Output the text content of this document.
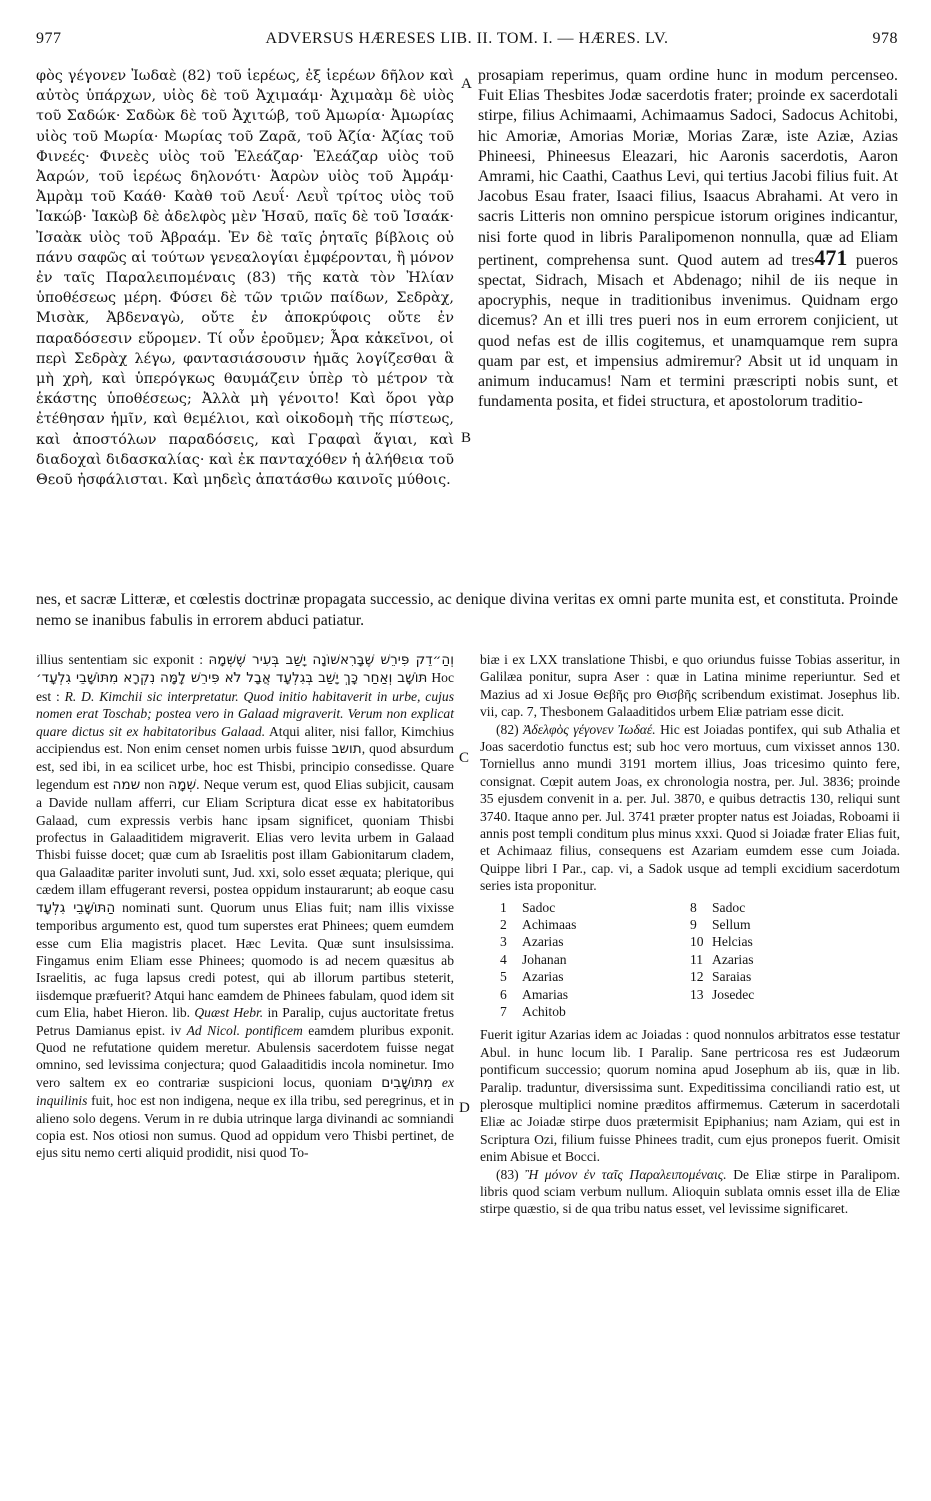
977	ADVERSUS HÆRESES LIB. II. TOM. I. — HÆRES. LV.	978

φὸς γέγονεν Ἰωδαὲ (82) τοῦ ἱερέως, ἐξ ἱερέων δῆλον καὶ αὐτὸς ὑπάρχων, υἱὸς δὲ τοῦ Ἀχιμαάμ· Ἀχιμαὰμ δὲ υἱὸς τοῦ Σαδώκ· Σαδὼκ δὲ τοῦ Ἀχιτώβ, τοῦ Ἀμωρία· Ἀμωρίας υἱὸς τοῦ Μωρία· Μωρίας τοῦ Ζαρᾶ, τοῦ Ἀζία· Ἀζίας τοῦ Φινεές· Φινεὲς υἱὸς τοῦ Ἐλεάζαρ· Ἐλεάζαρ υἱὸς τοῦ Ἀαρών, τοῦ ἱερέως δηλονότι· Ἀαρὼν υἱὸς τοῦ Ἀμράμ· Ἀμρὰμ τοῦ Καάθ· Καὰθ τοῦ Λευΐ· Λευῒ τρίτος υἱὸς τοῦ Ἰακώβ· Ἰακὼβ δὲ ἀδελφὸς μὲν Ἡσαῦ, παῖς δὲ τοῦ Ἰσαάκ· Ἰσαὰκ υἱὸς τοῦ Ἀβραάμ. Ἐν δὲ ταῖς ῥηταῖς βίβλοις οὐ πάνυ σαφῶς αἱ τούτων γενεαλογίαι ἐμφέρονται, ἢ μόνον ἐν ταῖς Παραλειπομέναις (83) τῆς κατὰ τὸν Ἠλίαν ὑποθέσεως μέρη. Φύσει δὲ τῶν τριῶν παίδων, Σεδρὰχ, Μισὰκ, Ἀβδεναγὼ, οὔτε ἐν ἀποκρύφοις οὔτε ἐν παραδόσεσιν εὕρομεν. Τί οὖν ἐροῦμεν; Ἆρα κἀκεῖνοι, οἱ περὶ Σεδρὰχ λέγω, φαντασιάσουσιν ἡμᾶς λογίζεσθαι ἃ μὴ χρὴ, καὶ ὑπερόγκως θαυμάζειν ὑπὲρ τὸ μέτρον τὰ ἑκάστης ὑποθέσεως; Ἀλλὰ μὴ γένοιτο! Καὶ ὅροι γὰρ ἐτέθησαν ἡμῖν, καὶ θεμέλιοι, καὶ οἰκοδομὴ τῆς πίστεως, καὶ ἀποστόλων παραδόσεις, καὶ Γραφαὶ ἅγιαι, καὶ διαδοχαὶ διδασκαλίας· καὶ ἐκ πανταχόθεν ἡ ἀλήθεια τοῦ Θεοῦ ἠσφάλισται. Καὶ μηδεὶς ἀπατάσθω καινοῖς μύθοις.

A
B
C
D

prosapiam reperimus, quam ordine hunc in modum percenseo. Fuit Elias Thesbites Jodæ sacerdotis frater; proinde ex sacerdotali stirpe, filius Achimaami, Achimaamus Sadoci, Sadocus Achitobi, hic Amoriæ, Amorias Moriæ, Morias Zaræ, iste Aziæ, Azias Phineesi, Phineesus Eleazari, hic Aaronis sacerdotis, Aaron Amrami, hic Caathi, Caathus Levi, qui tertius Jacobi filius fuit. At Jacobus Esau frater, Isaaci filius, Isaacus Abrahami. At vero in sacris Litteris non omnino perspicue istorum origines indicantur, nisi forte quod in libris Paralipomenon nonnulla, quæ ad Eliam pertinent, comprehensa sunt. Quod autem ad tres471 pueros spectat, Sidrach, Misach et Abdenago; nihil de iis neque in apocryphis, neque in traditionibus invenimus. Quidnam ergo dicemus? An et illi tres pueri nos in eum errorem conjicient, ut quod nefas est de illis cogitemus, et unamquamque rem supra quam par est, et impensius admiremur? Absit ut id unquam in animum inducamus! Nam et termini præscripti nobis sunt, et fundamenta posita, et fidei structura, et apostolorum traditio-

nes, et sacræ Litteræ, et cœlestis doctrinæ propagata successio, ac denique divina veritas ex omni parte munita est, et constituta. Proinde nemo se inanibus fabulis in errorem abduci patiatur.

illius sententiam sic exponit : וְהַ״דֵק פִּירֵשׁ שֶׁבָּרִאשׁוֹנָה יָשַׁב בְּעִיר שֶׁשְּׁמָהּ תּוֹשָׁב וְאַחַר כָּךְ יָשַׁב בְּגִלְעָד אֲבָל לֹא פִּירֵשׁ לָמָּה נִקְרָא מִתּוֹשָׁבֵי גִלְעָד׳ Hoc est : R. D. Kimchii sic interpretatur. Quod initio habitaverit in urbe, cujus nomen erat Toschab; postea vero in Galaad migraverit. Verum non explicat quare dictus sit ex habitatoribus Galaad. Atqui aliter, nisi fallor, Kimchius accipiendus est. Non enim censet nomen urbis fuisse תושב, quod absurdum est, sed ibi, in ea scilicet urbe, hoc est Thisbi, principio consedisse. Quare legendum est שמה non שְׁמָהּ. Neque verum est, quod Elias subjicit, causam a Davide nullam afferri, cur Eliam Scriptura dicat esse ex habitatoribus Galaad, cum expressis verbis hanc ipsam significet, quoniam Thisbi profectus in Galaaditidem migraverit. Elias vero levita urbem in Galaad Thisbi fuisse docet; quæ cum ab Israelitis post illam Gabionitarum cladem, qua Galaaditæ pariter involuti sunt, Jud. xxi, solo esset æquata; plerique, qui cædem illam effugerant reversi, postea oppidum instaurarunt; ab eoque casu הַתּוֹשָׁבֵי גִלְעָד nominati sunt. Quorum unus Elias fuit; nam illis vixisse temporibus argumento est, quod tum superstes erat Phinees; quem eumdem esse cum Elia magistris placet. Hæc Levita. Quæ sunt insulsissima. Fingamus enim Eliam esse Phinees; quomodo is ad necem quæsitus ab Israelitis, ac fuga lapsus credi potest, qui ab illorum partibus steterit, iisdemque præfuerit? Atqui hanc eamdem de Phinees fabulam, quod idem sit cum Elia, habet Hieron. lib. Quæst Hebr. in Paralip, cujus auctoritate fretus Petrus Damianus epist. iv Ad Nicol. pontificem eamdem pluribus exponit. Quod ne refutatione quidem meretur. Abulensis sacerdotem fuisse negat omnino, sed levissima conjectura; quod Galaaditidis incola nominetur. Imo vero saltem ex eo contrariæ suspicioni locus, quoniam מִתּוֹשָׁבִים ex inquilinis fuit, hoc est non indigena, neque ex illa tribu, sed peregrinus, et in alieno solo degens. Verum in re dubia utrinque larga divinandi ac somniandi copia est. Nos otiosi non sumus. Quod ad oppidum vero Thisbi pertinet, de ejus situ nemo certi aliquid prodidit, nisi quod To-

biæ i ex LXX translatione Thisbi, e quo oriundus fuisse Tobias asseritur, in Galilæa ponitur, supra Aser : quæ in Latina minime reperiuntur. Sed et Mazius ad xi Josue Θεβῆς pro Θισβῆς scribendum existimat. Josephus lib. vii, cap. 7, Thesbonem Galaaditidos urbem Eliæ patriam esse dicit.

(82) Ἀδελφὸς γέγονεν Ἰωδαέ. Hic est Joiadas pontifex, qui sub Athalia et Joas sacerdotio functus est; sub hoc vero mortuus, cum vixisset annos 130. Torniellus anno mundi 3191 mortem illius, Joas tricesimo quinto fere, consignat. Cœpit autem Joas, ex chronologia nostra, per. Jul. 3836; proinde 35 ejusdem convenit in a. per. Jul. 3870, e quibus detractis 130, reliqui sunt 3740. Itaque anno per. Jul. 3741 præter propter natus est Joiadas, Roboami ii annis post templi conditum plus minus xxxi. Quod si Joiadæ frater Elias fuit, et Achimaaz filius, consequens est Azariam eumdem esse cum Joiada. Quippe libri I Par., cap. vi, a Sadok usque ad templi excidium sacerdotum series ista proponitur.

1 Sadoc	8 Sadoc
2 Achimaas	9 Sellum
3 Azarias	10 Helcias
4 Johanan	11 Azarias
5 Azarias	12 Saraias
6 Amarias	13 Josedec
7 Achitob

Fuerit igitur Azarias idem ac Joiadas : quod nonnulos arbitratos esse testatur Abul. in hunc locum lib. I Paralip. Sane pertricosa res est Judæorum pontificum successio; quorum nomina apud Josephum ab iis, quæ in lib. Paralip. traduntur, diversissima sunt. Expeditissima conciliandi ratio est, ut plerosque multiplici nomine præditos affirmemus. Cæterum in sacerdotali Eliæ ac Joiadæ stirpe duos prætermisit Epiphanius; nam Aziam, qui est in Scriptura Ozi, filium fuisse Phinees tradit, cum ejus pronepos fuerit. Omisit enim Abisue et Bocci.

(83) Ἢ μόνον ἐν ταῖς Παραλειπομέναις. De Eliæ stirpe in Paralipom. libris quod sciam verbum nullum. Alioquin sublata omnis esset illa de Eliæ stirpe quæstio, si de qua tribu natus esset, vel levissime significaret.
